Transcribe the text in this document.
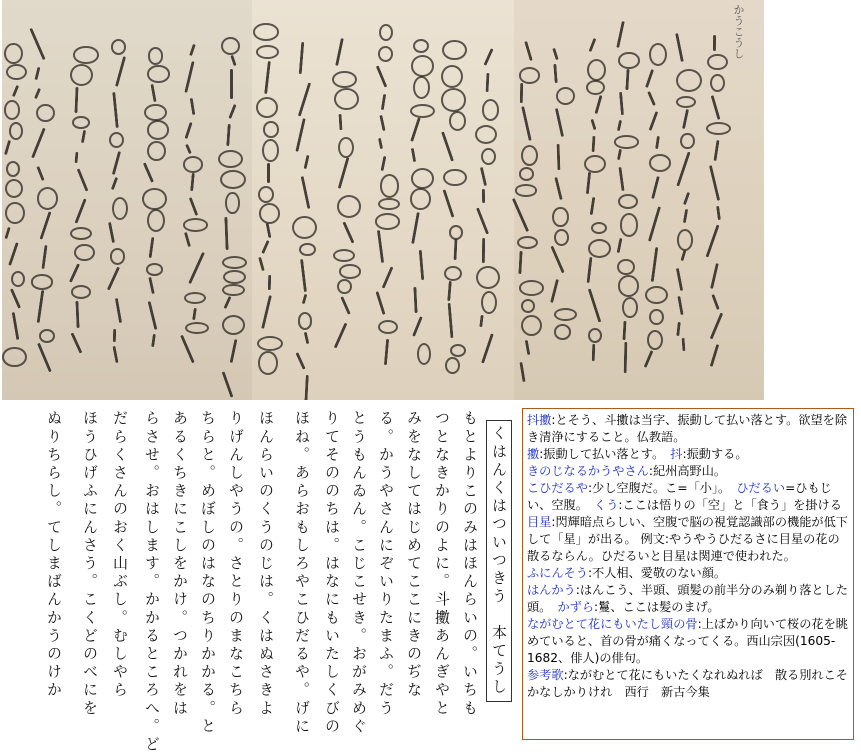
かうこうし
くはんくはついつきう　本てうし
もとよりこのみはほんらいの。いちも
つとなきかりのよに。斗擻あんぎやと
みをなしてはじめてここにきのぢな
る。かうやさんにぞいりたまふ。だう
とうもんゐん。こじこせき。おがみめぐ
りてそののちは。はなにもいたしくびの
ほね。あらおもしろやこひだるや。げに
ほんらいのくうのじは。くはぬさきよ
りげんしやうの。さとりのまなこちら
ちらと。めぼしのはなのちりかかる。と
あるくちきにこしをかけ。つかれをは
らさせ。おはします。かかるところへ。ど
だらくさんのおく山ぶし。むしやら
ほうひげふにんさう。こくどのべにを
ぬりちらし。てしまばんかうのけか	抖擻:とそう、斗擻は当字、振動して払い落とす。欲望を除き清浄にすること。仏教語。

擻:振動して払い落とす。　 抖:振動する。

きのじなるかうやさん:紀州高野山。

こひだるや:少し空腹だ。こ=「小」。　 ひだるい=ひもじい、空腹。　 くう:ここは悟りの「空」と「食う」を掛ける

目星:閃輝暗点らしい、空腹で脳の視覚認識部の機能が低下して「星」が出る。 例文:やうやうひだるさに目星の花の散るならん。ひだるいと目星は関連で使われた。

ふにんそう:不人相、愛敬のない顔。

はんかう:はんこう、半頭、頭髪の前半分のみ剃り落とした頭。　 かずら:鬘、ここは髪のまげ。

ながむとて花にもいたし頸の骨:上ばかり向いて桜の花を眺めていると、首の骨が痛くなってくる。西山宗因(1605-1682、俳人)の俳句。

参考歌:ながむとて花にもいたくなれぬれば　散る別れこそかなしかりけれ　西行　新古今集
